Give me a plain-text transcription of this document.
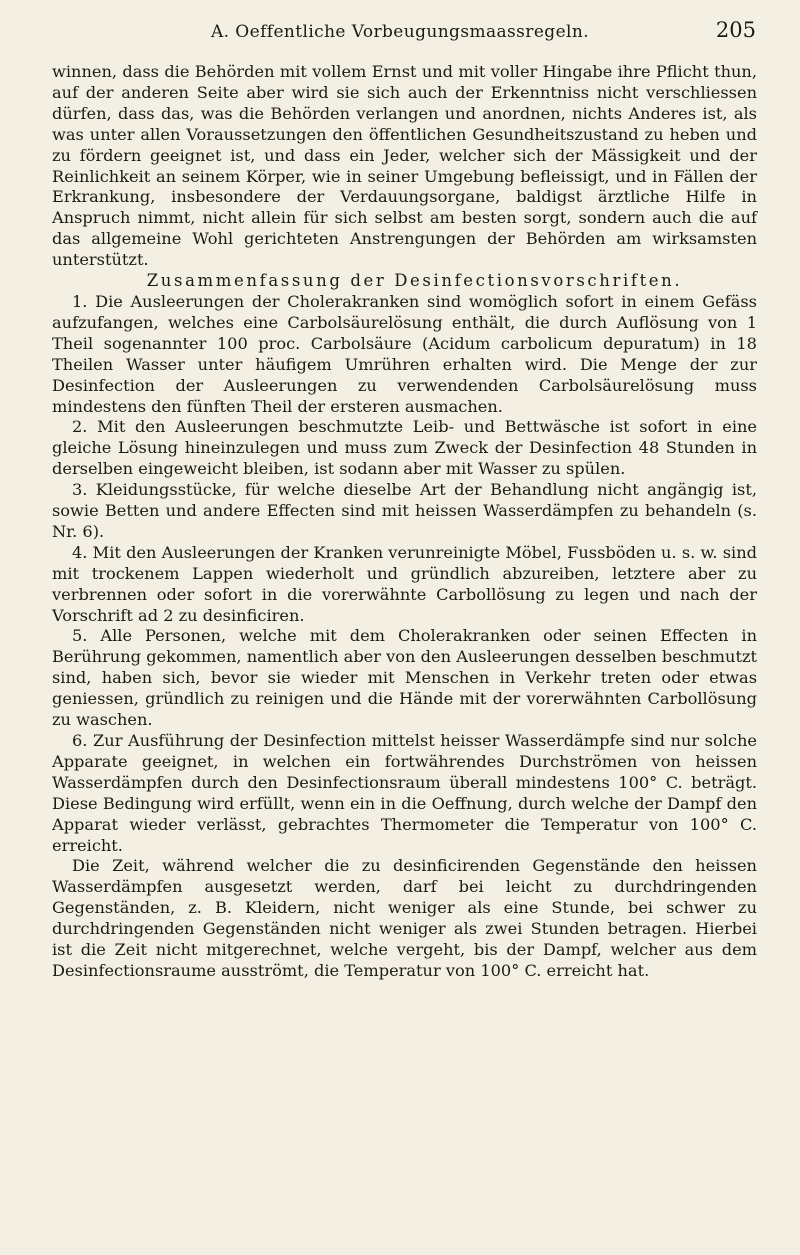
A. Oeffentliche Vorbeugungsmaassregeln.	205

winnen, dass die Behörden mit vollem Ernst und mit voller Hingabe ihre Pflicht thun, auf der anderen Seite aber wird sie sich auch der Erkenntniss nicht verschliessen dürfen, dass das, was die Behörden verlangen und anordnen, nichts Anderes ist, als was unter allen Voraussetzungen den öffentlichen Gesundheitszustand zu heben und zu fördern geeignet ist, und dass ein Jeder, welcher sich der Mässigkeit und der Reinlichkeit an seinem Körper, wie in seiner Umgebung befleissigt, und in Fällen der Erkrankung, insbesondere der Verdauungsorgane, baldigst ärztliche Hilfe in Anspruch nimmt, nicht allein für sich selbst am besten sorgt, sondern auch die auf das allgemeine Wohl gerichteten Anstrengungen der Behörden am wirksamsten unterstützt.

Zusammenfassung der Desinfectionsvorschriften.

1. Die Ausleerungen der Cholerakranken sind womöglich sofort in einem Gefäss aufzufangen, welches eine Carbolsäurelösung enthält, die durch Auflösung von 1 Theil sogenannter 100 proc. Carbolsäure (Acidum carbolicum depuratum) in 18 Theilen Wasser unter häufigem Umrühren erhalten wird. Die Menge der zur Desinfection der Ausleerungen zu verwendenden Carbolsäurelösung muss mindestens den fünften Theil der ersteren ausmachen.

2. Mit den Ausleerungen beschmutzte Leib- und Bettwäsche ist sofort in eine gleiche Lösung hineinzulegen und muss zum Zweck der Desinfection 48 Stunden in derselben eingeweicht bleiben, ist sodann aber mit Wasser zu spülen.

3. Kleidungsstücke, für welche dieselbe Art der Behandlung nicht angängig ist, sowie Betten und andere Effecten sind mit heissen Wasserdämpfen zu behandeln (s. Nr. 6).

4. Mit den Ausleerungen der Kranken verunreinigte Möbel, Fussböden u. s. w. sind mit trockenem Lappen wiederholt und gründlich abzureiben, letztere aber zu verbrennen oder sofort in die vorerwähnte Carbollösung zu legen und nach der Vorschrift ad 2 zu desinficiren.

5. Alle Personen, welche mit dem Cholerakranken oder seinen Effecten in Berührung gekommen, namentlich aber von den Ausleerungen desselben beschmutzt sind, haben sich, bevor sie wieder mit Menschen in Verkehr treten oder etwas geniessen, gründlich zu reinigen und die Hände mit der vorerwähnten Carbollösung zu waschen.

6. Zur Ausführung der Desinfection mittelst heisser Wasserdämpfe sind nur solche Apparate geeignet, in welchen ein fortwährendes Durchströmen von heissen Wasserdämpfen durch den Desinfectionsraum überall mindestens 100° C. beträgt. Diese Bedingung wird erfüllt, wenn ein in die Oeffnung, durch welche der Dampf den Apparat wieder verlässt, gebrachtes Thermometer die Temperatur von 100° C. erreicht.

Die Zeit, während welcher die zu desinficirenden Gegenstände den heissen Wasserdämpfen ausgesetzt werden, darf bei leicht zu durchdringenden Gegenständen, z. B. Kleidern, nicht weniger als eine Stunde, bei schwer zu durchdringenden Gegenständen nicht weniger als zwei Stunden betragen. Hierbei ist die Zeit nicht mitgerechnet, welche vergeht, bis der Dampf, welcher aus dem Desinfectionsraume ausströmt, die Temperatur von 100° C. erreicht hat.
